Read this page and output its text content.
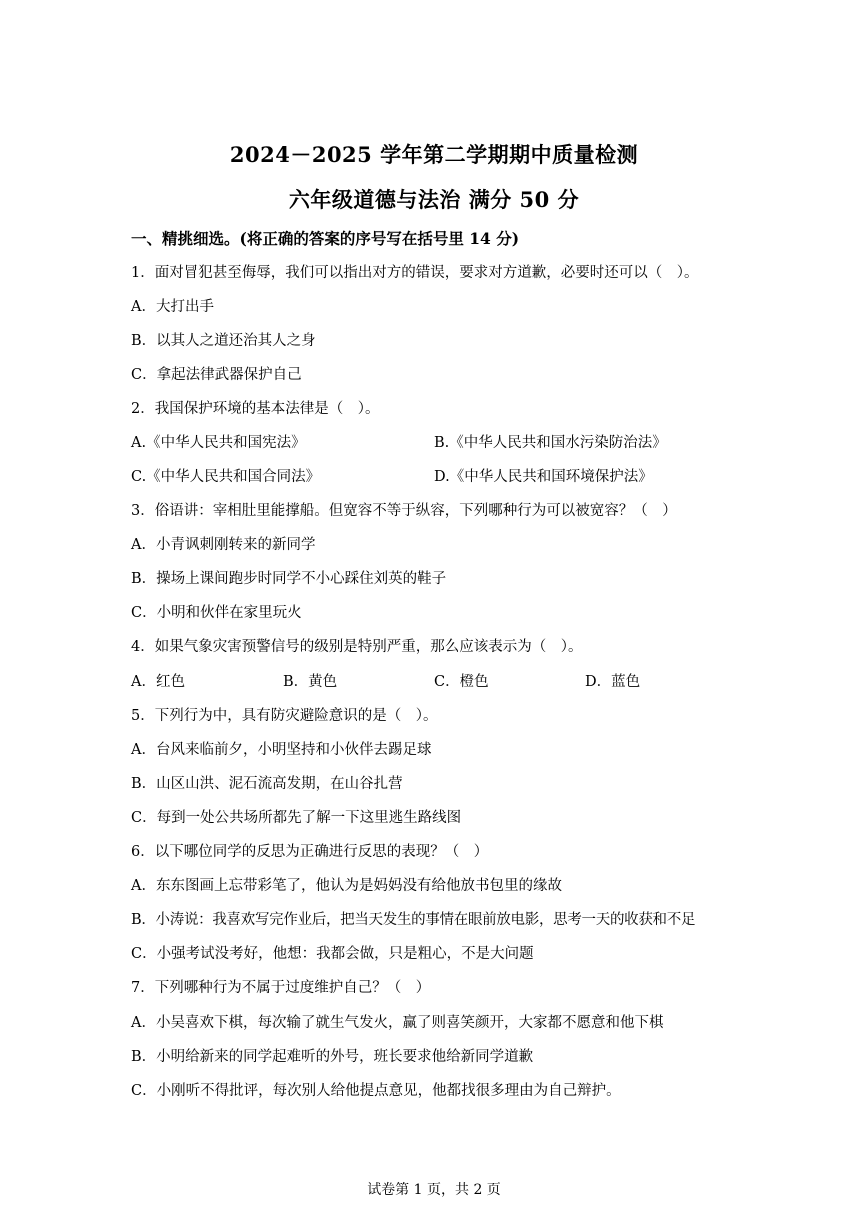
2024－2025 学年第二学期期中质量检测
六年级道德与法治 满分 50 分
一、精挑细选。(将正确的答案的序号写在括号里 14 分)
1．面对冒犯甚至侮辱，我们可以指出对方的错误，要求对方道歉，必要时还可以（　）。
A．大打出手
B．以其人之道还治其人之身
C．拿起法律武器保护自己
2．我国保护环境的基本法律是（　）。
A.《中华人民共和国宪法》	B.《中华人民共和国水污染防治法》
C.《中华人民共和国合同法》	D.《中华人民共和国环境保护法》
3．俗语讲：宰相肚里能撑船。但宽容不等于纵容，下列哪种行为可以被宽容？（　）
A．小青讽刺刚转来的新同学
B．操场上课间跑步时同学不小心踩住刘英的鞋子
C．小明和伙伴在家里玩火
4．如果气象灾害预警信号的级别是特别严重，那么应该表示为（　）。
A．红色	B．黄色	C．橙色	D．蓝色
5．下列行为中，具有防灾避险意识的是（　）。
A．台风来临前夕，小明坚持和小伙伴去踢足球
B．山区山洪、泥石流高发期，在山谷扎营
C．每到一处公共场所都先了解一下这里逃生路线图
6．以下哪位同学的反思为正确进行反思的表现？（　）
A．东东图画上忘带彩笔了，他认为是妈妈没有给他放书包里的缘故
B．小涛说：我喜欢写完作业后，把当天发生的事情在眼前放电影，思考一天的收获和不足
C．小强考试没考好，他想：我都会做，只是粗心，不是大问题
7．下列哪种行为不属于过度维护自己？（　）
A．小吴喜欢下棋，每次输了就生气发火，赢了则喜笑颜开，大家都不愿意和他下棋
B．小明给新来的同学起难听的外号，班长要求他给新同学道歉
C．小刚听不得批评，每次别人给他提点意见，他都找很多理由为自己辩护。
试卷第 1 页，共 2 页
